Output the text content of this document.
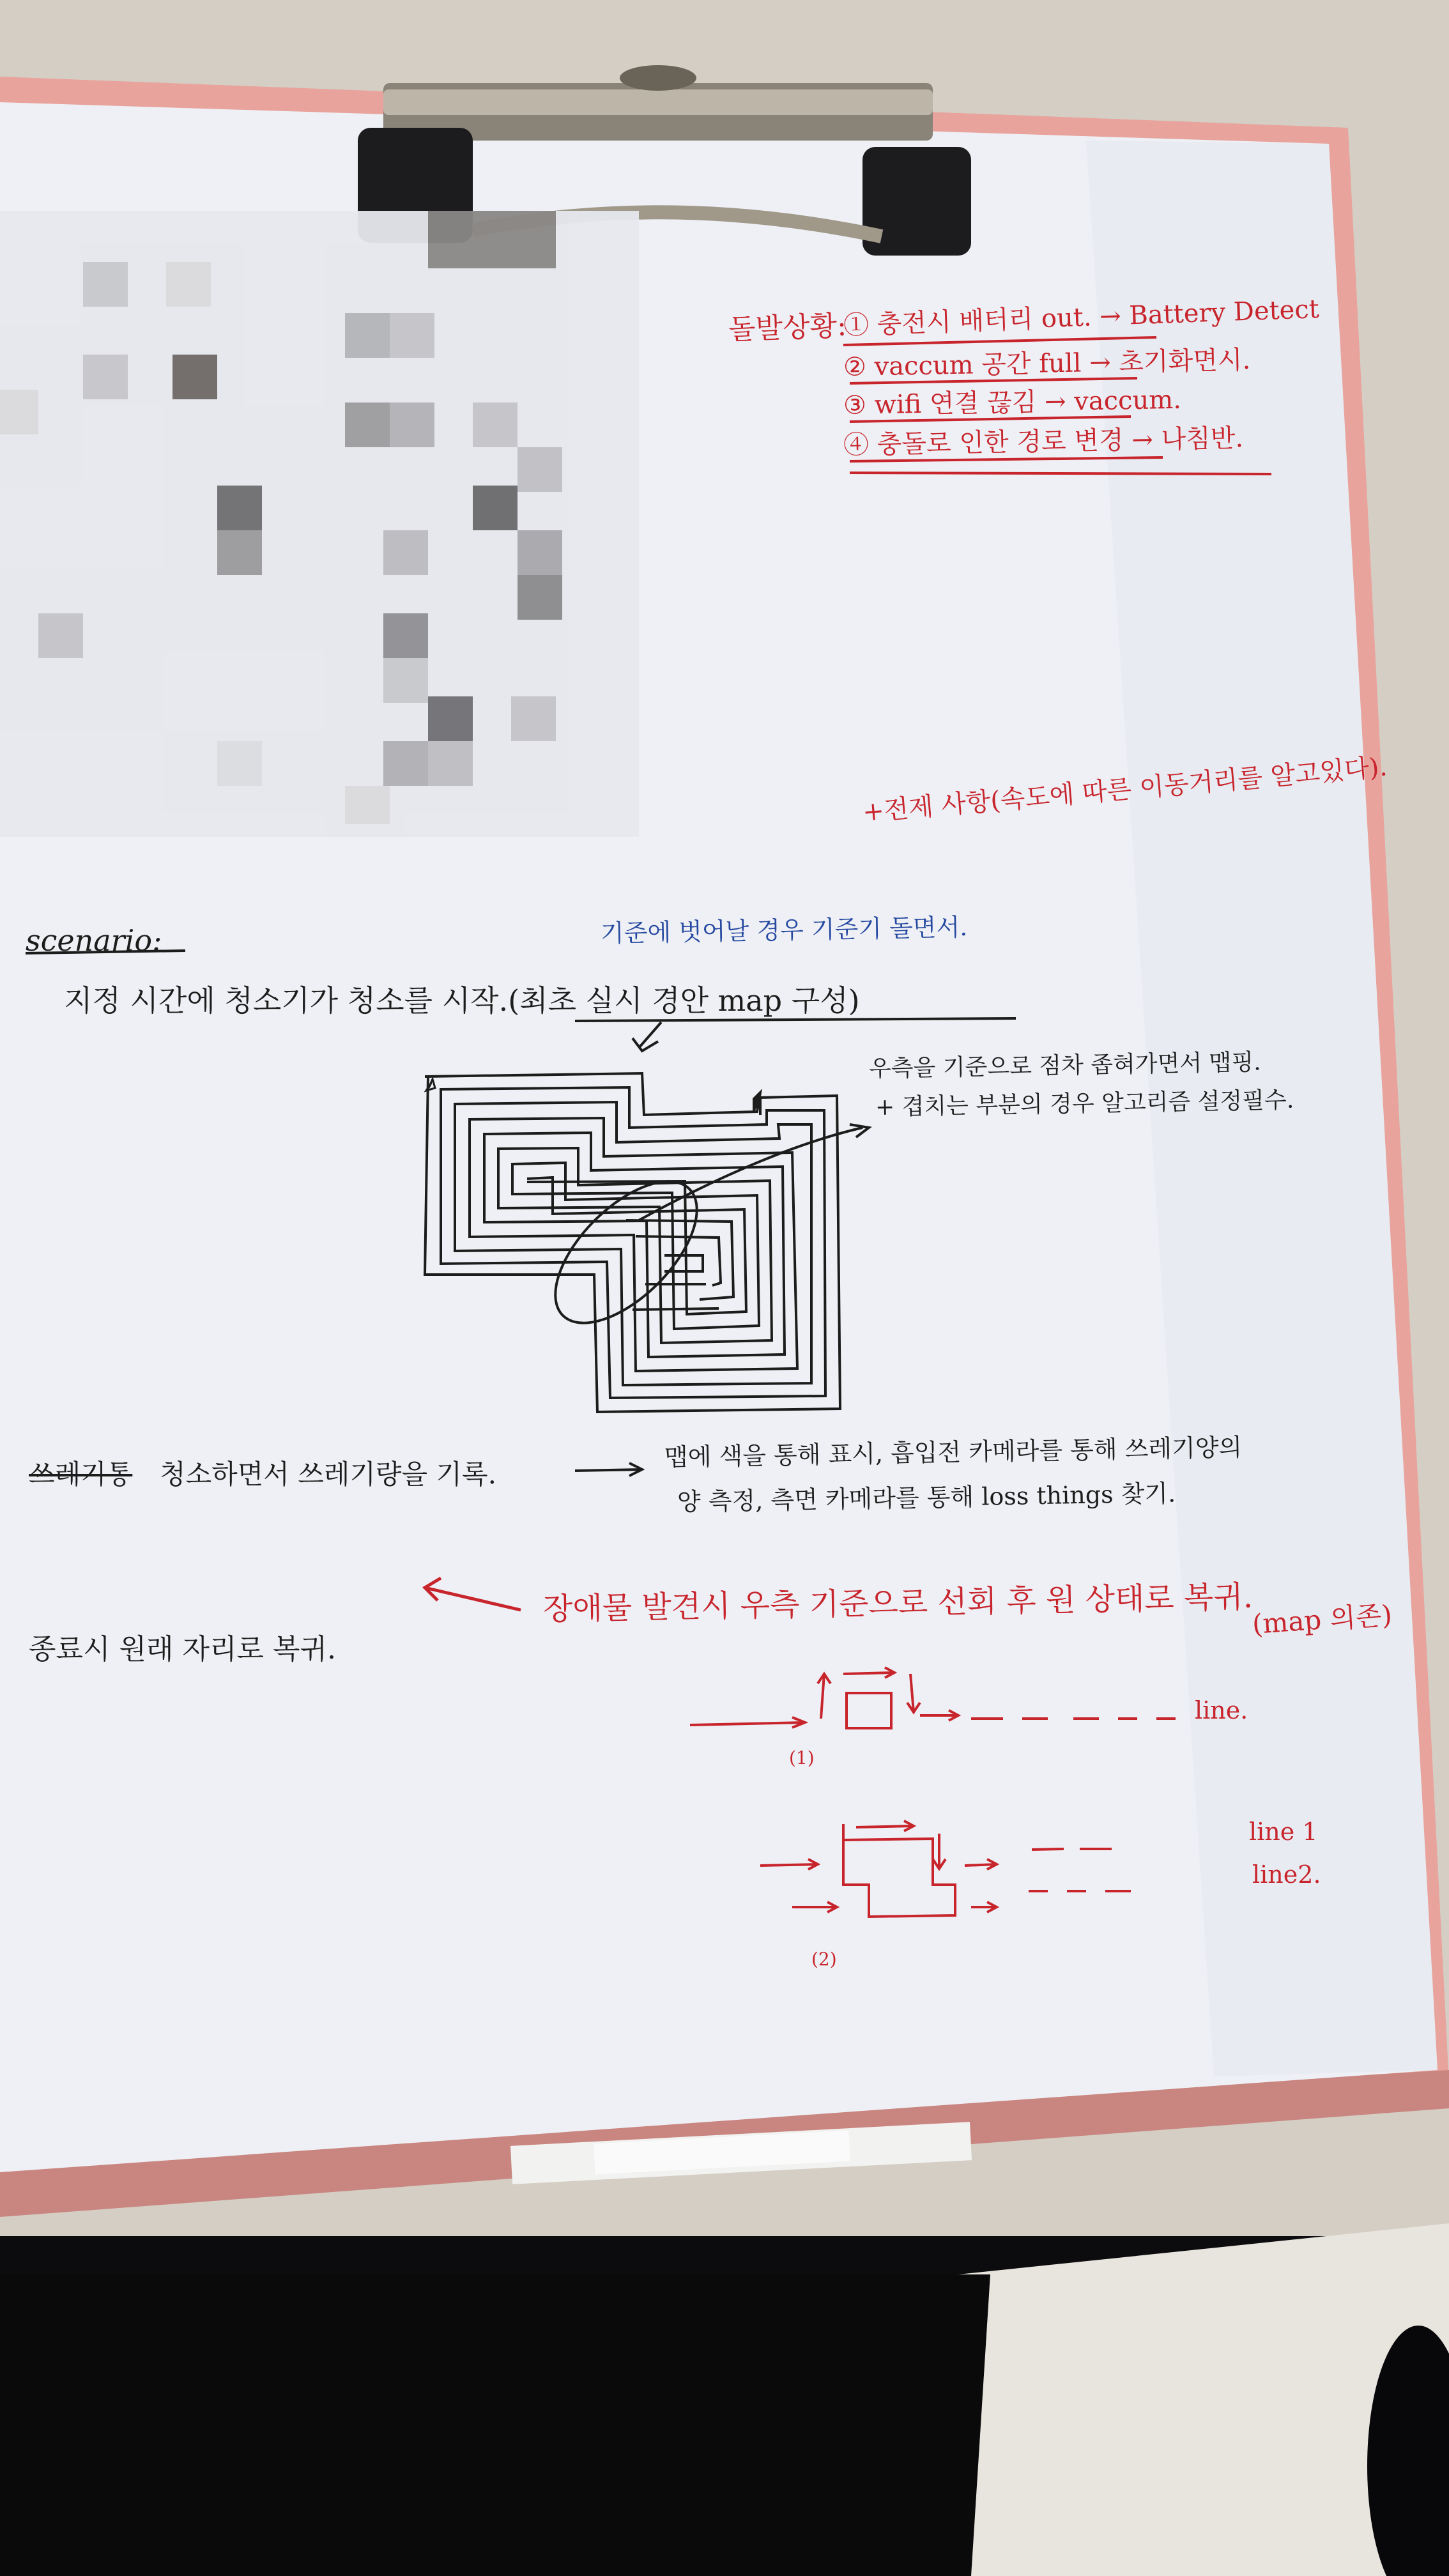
돌발상황:
① 충전시 배터리 out. → Battery Detect
② vaccum 공간 full → 초기화면시.
③ wifi 연결 끊김 → vaccum.
④ 충돌로 인한 경로 변경 → 나침반.
+전제 사항(속도에 따른 이동거리를 알고있다).
scenario:	기준에 벗어날 경우 기준기 돌면서.
지정 시간에 청소기가 청소를 시작.(최초 실시 경안 map 구성)
우측을 기준으로 점차 좁혀가면서 맵핑.
+ 겹치는 부분의 경우 알고리즘 설정필수.
쓰레기통 청소하면서 쓰레기량을 기록.
맵에 색을 통해 표시, 흡입전 카메라를 통해 쓰레기양의
양 측정, 측면 카메라를 통해 loss things 찾기.
장애물 발견시 우측 기준으로 선회 후 원 상태로 복귀.
(map 의존)
종료시 원래 자리로 복귀.
line.
(1)
line 1
line2.
(2)
